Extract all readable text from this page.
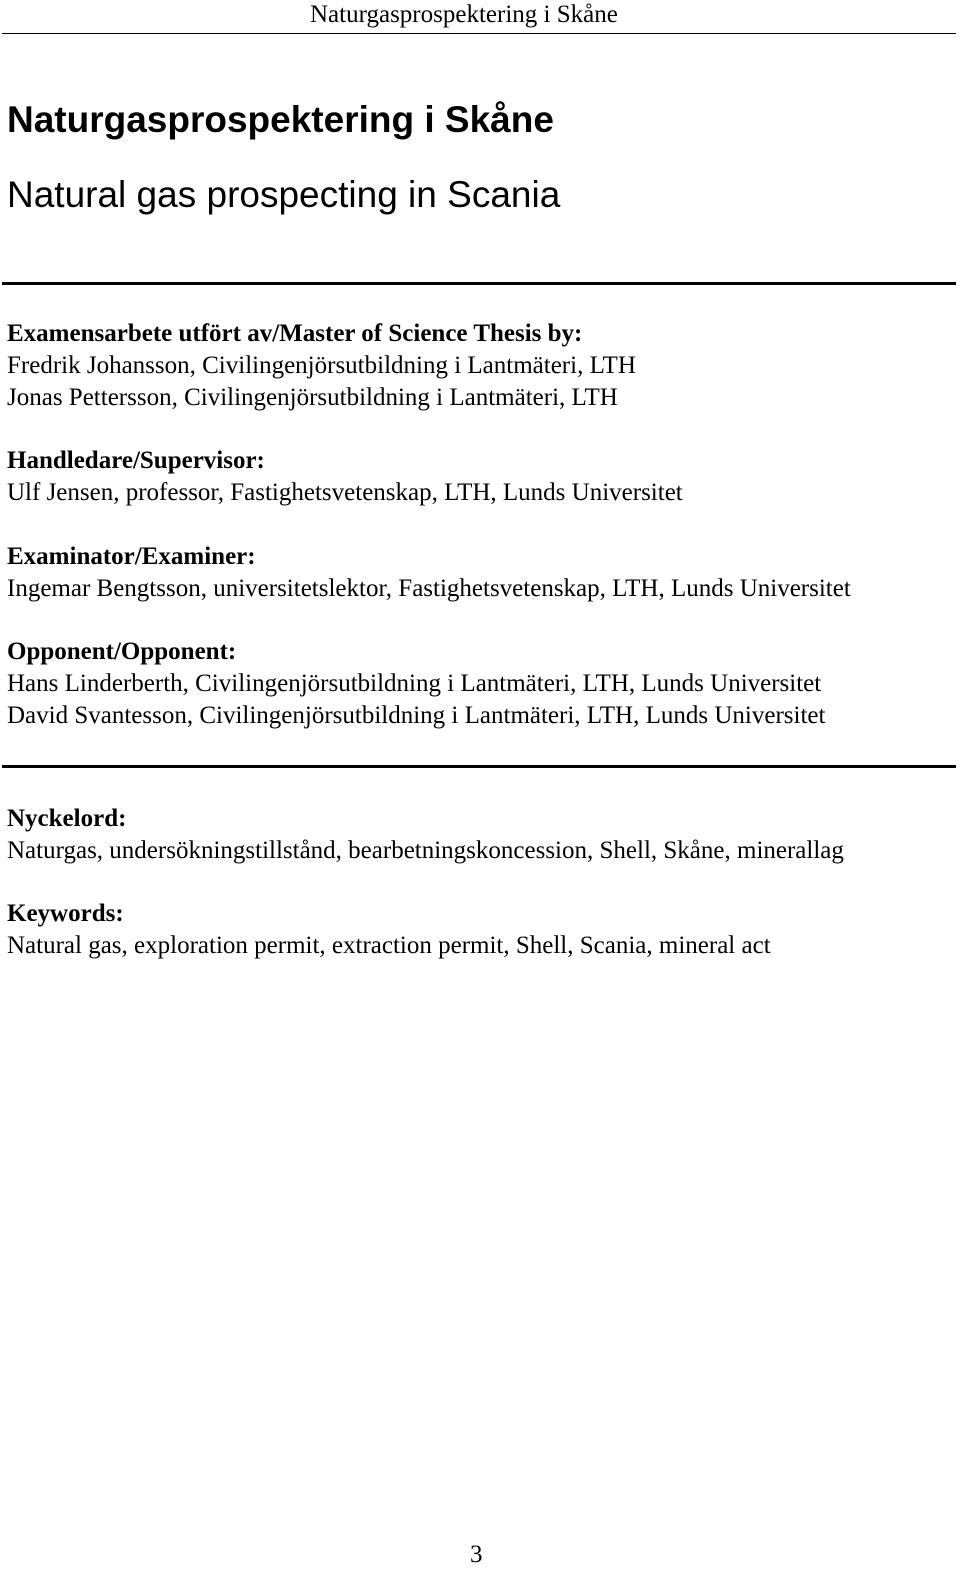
Naturgasprospektering i Skåne
Naturgasprospektering i Skåne
Natural gas prospecting in Scania
Examensarbete utfört av/Master of Science Thesis by:
Fredrik Johansson, Civilingenjörsutbildning i Lantmäteri, LTH
Jonas Pettersson, Civilingenjörsutbildning i Lantmäteri, LTH
Handledare/Supervisor:
Ulf Jensen, professor, Fastighetsvetenskap, LTH, Lunds Universitet
Examinator/Examiner:
Ingemar Bengtsson, universitetslektor, Fastighetsvetenskap, LTH, Lunds Universitet
Opponent/Opponent:
Hans Linderberth, Civilingenjörsutbildning i Lantmäteri, LTH, Lunds Universitet
David Svantesson, Civilingenjörsutbildning i Lantmäteri, LTH, Lunds Universitet
Nyckelord:
Naturgas, undersökningstillstånd, bearbetningskoncession, Shell, Skåne, minerallag
Keywords:
Natural gas, exploration permit, extraction permit, Shell, Scania, mineral act
3
